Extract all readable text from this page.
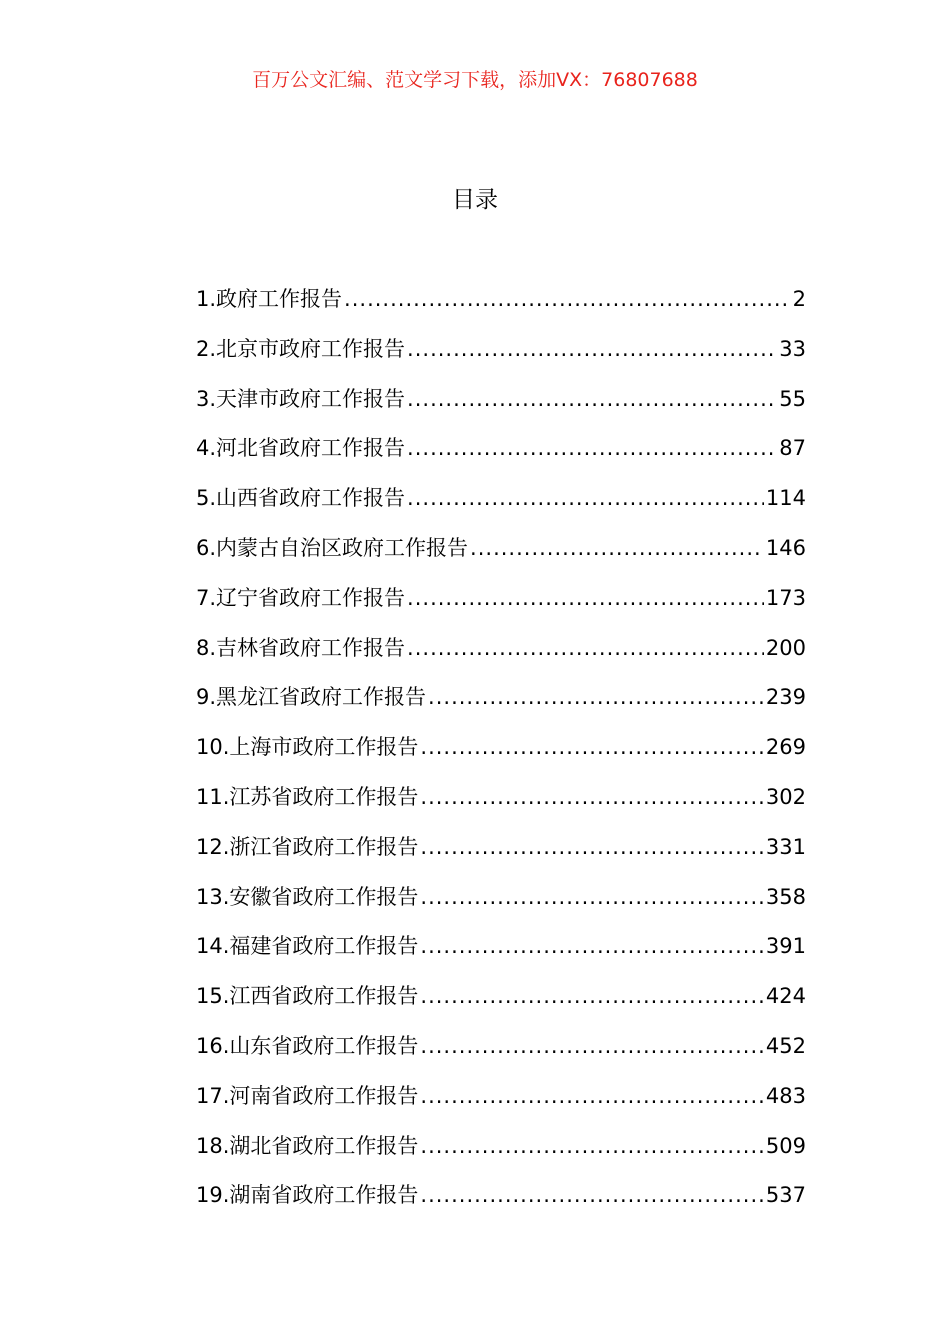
百万公文汇编、范文学习下载，添加VX：76807688
目录
1. 政府工作报告 .....	2
2. 北京市政府工作报告 .....	33
3. 天津市政府工作报告 .....	55
4. 河北省政府工作报告 .....	87
5. 山西省政府工作报告 .....	114
6. 内蒙古自治区政府工作报告 .....	146
7. 辽宁省政府工作报告 .....	173
8. 吉林省政府工作报告 .....	200
9. 黑龙江省政府工作报告 .....	239
10. 上海市政府工作报告 .....	269
11. 江苏省政府工作报告 .....	302
12. 浙江省政府工作报告 .....	331
13. 安徽省政府工作报告 .....	358
14. 福建省政府工作报告 .....	391
15. 江西省政府工作报告 .....	424
16. 山东省政府工作报告 .....	452
17. 河南省政府工作报告 .....	483
18. 湖北省政府工作报告 .....	509
19. 湖南省政府工作报告 .....	537
